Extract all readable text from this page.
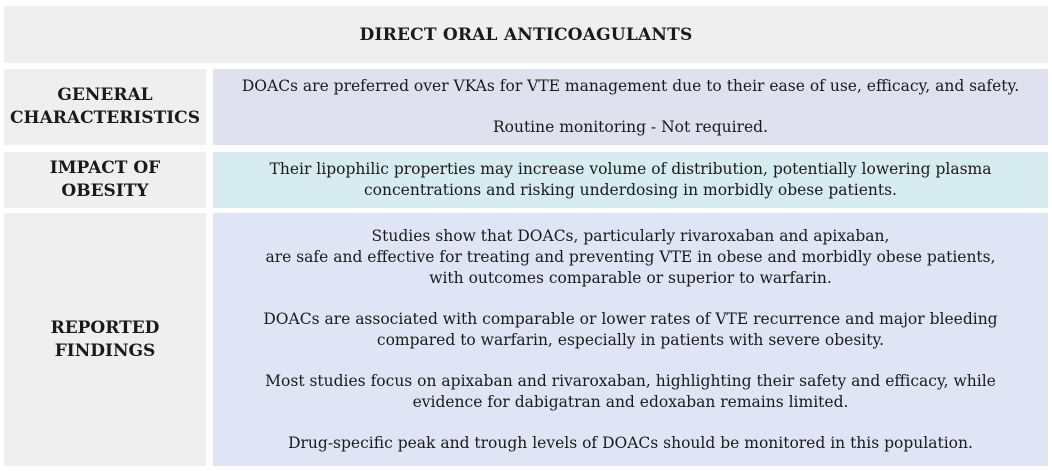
DIRECT ORAL ANTICOAGULANTS
GENERAL
CHARACTERISTICS

DOACs are preferred over VKAs for VTE management due to their ease of use, efficacy, and safety.

Routine monitoring - Not required.

IMPACT OF
OBESITY

Their lipophilic properties may increase volume of distribution, potentially lowering plasma

concentrations and risking underdosing in morbidly obese patients.

REPORTED
FINDINGS

Studies show that DOACs, particularly rivaroxaban and apixaban,

are safe and effective for treating and preventing VTE in obese and morbidly obese patients,

with outcomes comparable or superior to warfarin.

DOACs are associated with comparable or lower rates of VTE recurrence and major bleeding

compared to warfarin, especially in patients with severe obesity.

Most studies focus on apixaban and rivaroxaban, highlighting their safety and efficacy, while

evidence for dabigatran and edoxaban remains limited.

Drug-specific peak and trough levels of DOACs should be monitored in this population.
